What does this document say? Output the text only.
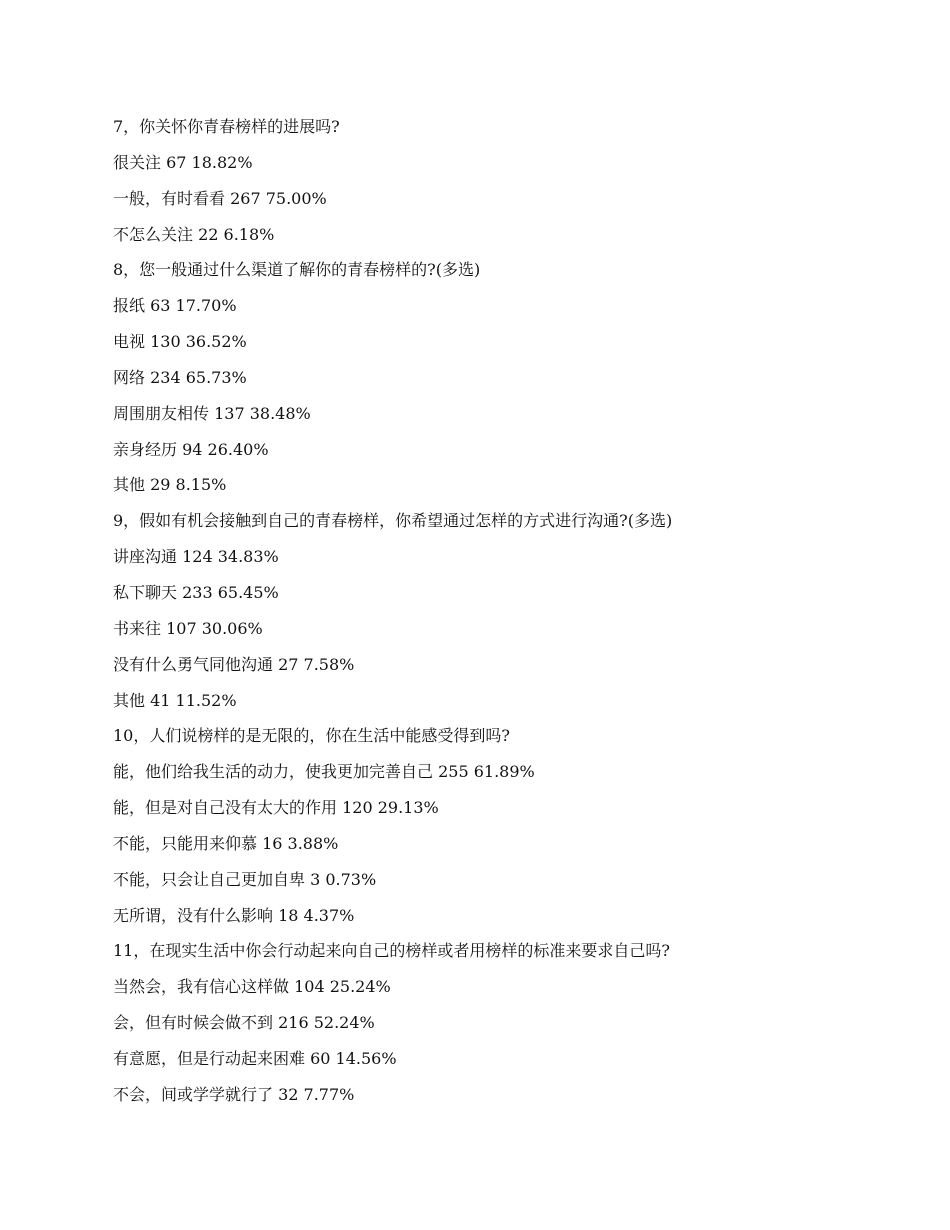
7，你关怀你青春榜样的进展吗?
很关注 67 18.82%
一般，有时看看 267 75.00%
不怎么关注 22 6.18%
8，您一般通过什么渠道了解你的青春榜样的?(多选)
报纸 63 17.70%
电视 130 36.52%
网络 234 65.73%
周围朋友相传 137 38.48%
亲身经历 94 26.40%
其他 29 8.15%
9，假如有机会接触到自己的青春榜样，你希望通过怎样的方式进行沟通?(多选)
讲座沟通 124 34.83%
私下聊天 233 65.45%
书来往 107 30.06%
没有什么勇气同他沟通 27 7.58%
其他 41 11.52%
10，人们说榜样的是无限的，你在生活中能感受得到吗?
能，他们给我生活的动力，使我更加完善自己 255 61.89%
能，但是对自己没有太大的作用 120 29.13%
不能，只能用来仰慕 16 3.88%
不能，只会让自己更加自卑 3 0.73%
无所谓，没有什么影响 18 4.37%
11，在现实生活中你会行动起来向自己的榜样或者用榜样的标准来要求自己吗?
当然会，我有信心这样做 104 25.24%
会，但有时候会做不到 216 52.24%
有意愿，但是行动起来困难 60 14.56%
不会，间或学学就行了 32 7.77%
